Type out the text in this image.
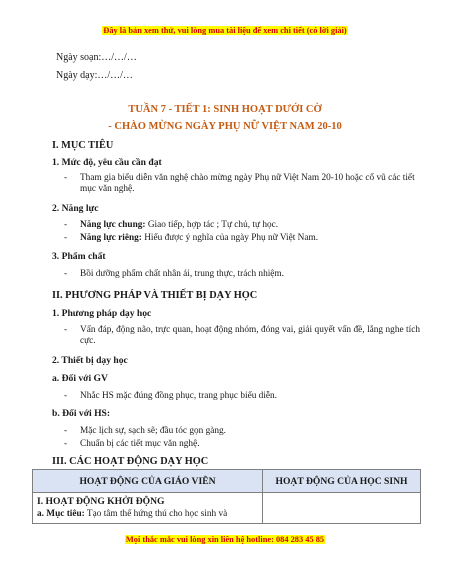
Đây là bản xem thử, vui lòng mua tài liệu để xem chi tiết (có lời giải)
Ngày soạn:…/…/…
Ngày dạy:…/…/…
TUẦN 7 - TIẾT 1: SINH HOẠT DƯỚI CỜ
- CHÀO MỪNG NGÀY PHỤ NỮ VIỆT NAM 20-10
I. MỤC TIÊU
1. Mức độ, yêu cầu cần đạt
- Tham gia biểu diễn văn nghệ chào mừng ngày Phụ nữ Việt Nam 20-10 hoặc cổ vũ các tiết mục văn nghệ.
2. Năng lực
- Năng lực chung: Giao tiếp, hợp tác ; Tự chủ, tự học.
- Năng lực riêng: Hiểu được ý nghĩa của ngày Phụ nữ Việt Nam.
3. Phẩm chất
- Bồi dưỡng phẩm chất nhân ái, trung thực, trách nhiệm.
II. PHƯƠNG PHÁP VÀ THIẾT BỊ DẠY HỌC
1. Phương pháp dạy học
- Vấn đáp, động não, trực quan, hoạt động nhóm, đóng vai, giải quyết vấn đề, lắng nghe tích cực.
2. Thiết bị dạy học
a. Đối với GV
- Nhắc HS mặc đúng đồng phục, trang phục biểu diễn.
b. Đối với HS:
- Mặc lịch sự, sạch sẽ; đầu tóc gọn gàng.
- Chuẩn bị các tiết mục văn nghệ.
III. CÁC HOẠT ĐỘNG DẠY HỌC
HOẠT ĐỘNG CỦA GIÁO VIÊN	HOẠT ĐỘNG CỦA HỌC SINH

I. HOẠT ĐỘNG KHỞI ĐỘNG
a. Mục tiêu: Tạo tâm thế hứng thú cho học sinh và	

Mọi thắc mắc vui lòng xin liên hệ hotline: 084 283 45 85
